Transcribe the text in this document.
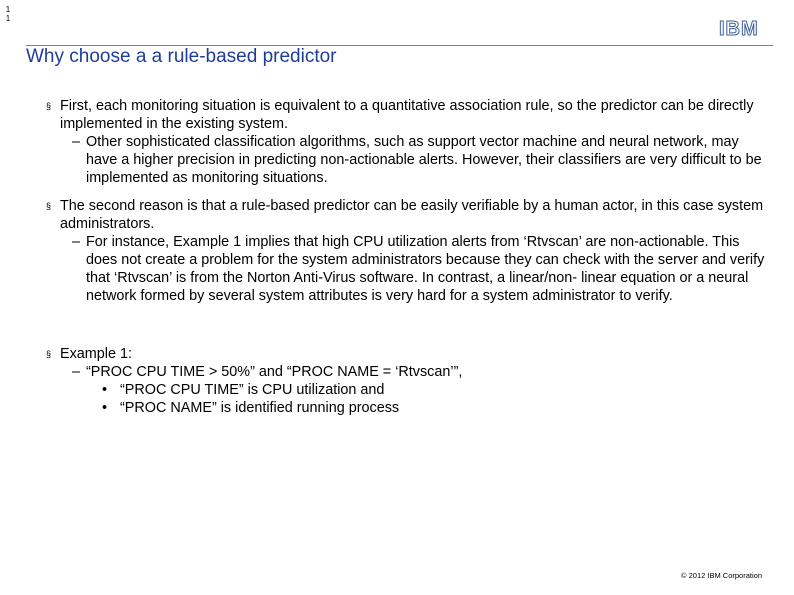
1
1	IBM
Why choose a a rule-based predictor
§ First, each monitoring situation is equivalent to a quantitative association rule, so the predictor can be directly implemented in the existing system.
– Other sophisticated classification algorithms, such as support vector machine and neural network, may have a higher precision in predicting non-actionable alerts. However, their classifiers are very difficult to be implemented as monitoring situations.
§ The second reason is that a rule-based predictor can be easily verifiable by a human actor, in this case system administrators.
– For instance, Example 1 implies that high CPU utilization alerts from ‘Rtvscan’ are non-actionable. This does not create a problem for the system administrators because they can check with the server and verify that ‘Rtvscan’ is from the Norton Anti-Virus software. In contrast, a linear/non- linear equation or a neural network formed by several system attributes is very hard for a system administrator to verify.
§ Example 1:
– “PROC CPU TIME > 50%” and “PROC NAME = ‘Rtvscan’”,
• “PROC CPU TIME” is CPU utilization and
• “PROC NAME” is identified running process
© 2012 IBM Corporation
